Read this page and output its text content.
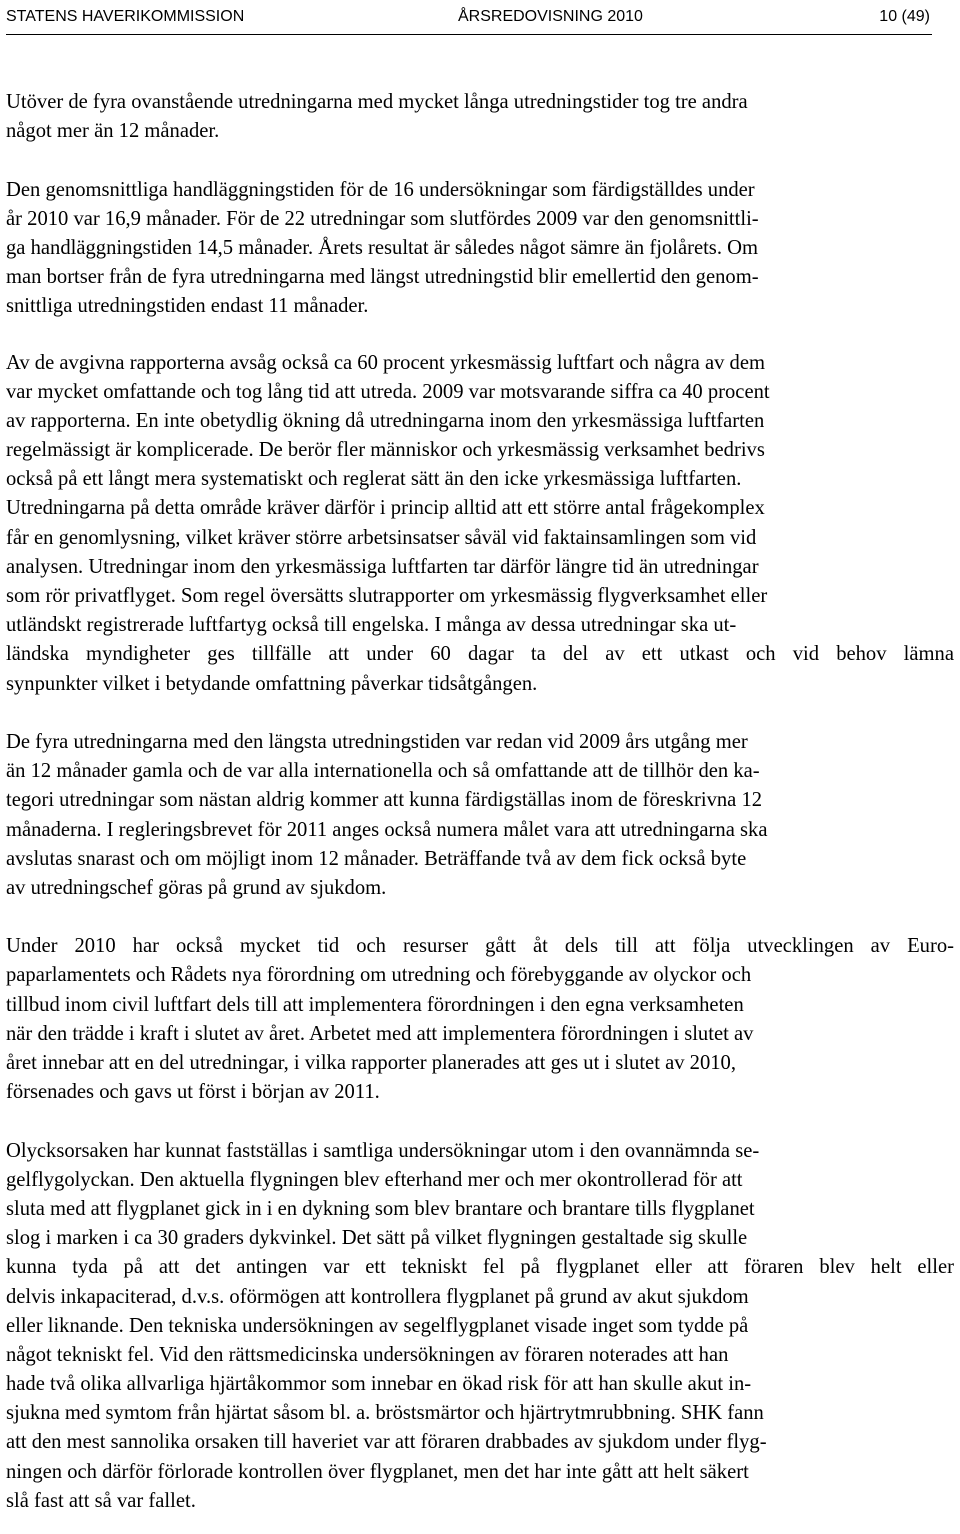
STATENS HAVERIKOMMISSION	ÅRSREDOVISNING 2010	10 (49)

Utöver de fyra ovanstående utredningarna med mycket långa utredningstider tog tre andra
något mer än 12 månader.

Den genomsnittliga handläggningstiden för de 16 undersökningar som färdigställdes under
år 2010 var 16,9 månader. För de 22 utredningar som slutfördes 2009 var den genomsnittli-
ga handläggningstiden 14,5 månader. Årets resultat är således något sämre än fjolårets. Om
man bortser från de fyra utredningarna med längst utredningstid blir emellertid den genom-
snittliga utredningstiden endast 11 månader.

Av de avgivna rapporterna avsåg också ca 60 procent yrkesmässig luftfart och några av dem
var mycket omfattande och tog lång tid att utreda. 2009 var motsvarande siffra ca 40 procent
av rapporterna. En inte obetydlig ökning då utredningarna inom den yrkesmässiga luftfarten
regelmässigt är komplicerade. De berör fler människor och yrkesmässig verksamhet bedrivs
också på ett långt mera systematiskt och reglerat sätt än den icke yrkesmässiga luftfarten.
Utredningarna på detta område kräver därför i princip alltid att ett större antal frågekomplex
får en genomlysning, vilket kräver större arbetsinsatser såväl vid faktainsamlingen som vid
analysen. Utredningar inom den yrkesmässiga luftfarten tar därför längre tid än utredningar
som rör privatflyget. Som regel översätts slutrapporter om yrkesmässig flygverksamhet eller
utländskt registrerade luftfartyg också till engelska. I många av dessa utredningar ska ut-
ländska myndigheter ges tillfälle att under 60 dagar ta del av ett utkast och vid behov lämna
synpunkter vilket i betydande omfattning påverkar tidsåtgången.

De fyra utredningarna med den längsta utredningstiden var redan vid 2009 års utgång mer
än 12 månader gamla och de var alla internationella och så omfattande att de tillhör den ka-
tegori utredningar som nästan aldrig kommer att kunna färdigställas inom de föreskrivna 12
månaderna. I regleringsbrevet för 2011 anges också numera målet vara att utredningarna ska
avslutas snarast och om möjligt inom 12 månader. Beträffande två av dem fick också byte
av utredningschef göras på grund av sjukdom.

Under 2010 har också mycket tid och resurser gått åt dels till att följa utvecklingen av Euro-
paparlamentets och Rådets nya förordning om utredning och förebyggande av olyckor och
tillbud inom civil luftfart dels till att implementera förordningen i den egna verksamheten
när den trädde i kraft i slutet av året. Arbetet med att implementera förordningen i slutet av
året innebar att en del utredningar, i vilka rapporter planerades att ges ut i slutet av 2010,
försenades och gavs ut först i början av 2011.

Olycksorsaken har kunnat fastställas i samtliga undersökningar utom i den ovannämnda se-
gelflygolyckan. Den aktuella flygningen blev efterhand mer och mer okontrollerad för att
sluta med att flygplanet gick in i en dykning som blev brantare och brantare tills flygplanet
slog i marken i ca 30 graders dykvinkel. Det sätt på vilket flygningen gestaltade sig skulle
kunna tyda på att det antingen var ett tekniskt fel på flygplanet eller att föraren blev helt eller
delvis inkapaciterad, d.v.s. oförmögen att kontrollera flygplanet på grund av akut sjukdom
eller liknande. Den tekniska undersökningen av segelflygplanet visade inget som tydde på
något tekniskt fel. Vid den rättsmedicinska undersökningen av föraren noterades att han
hade två olika allvarliga hjärtåkommor som innebar en ökad risk för att han skulle akut in-
sjukna med symtom från hjärtat såsom bl. a. bröstsmärtor och hjärtrytmrubbning. SHK fann
att den mest sannolika orsaken till haveriet var att föraren drabbades av sjukdom under flyg-
ningen och därför förlorade kontrollen över flygplanet, men det har inte gått att helt säkert
slå fast att så var fallet.
